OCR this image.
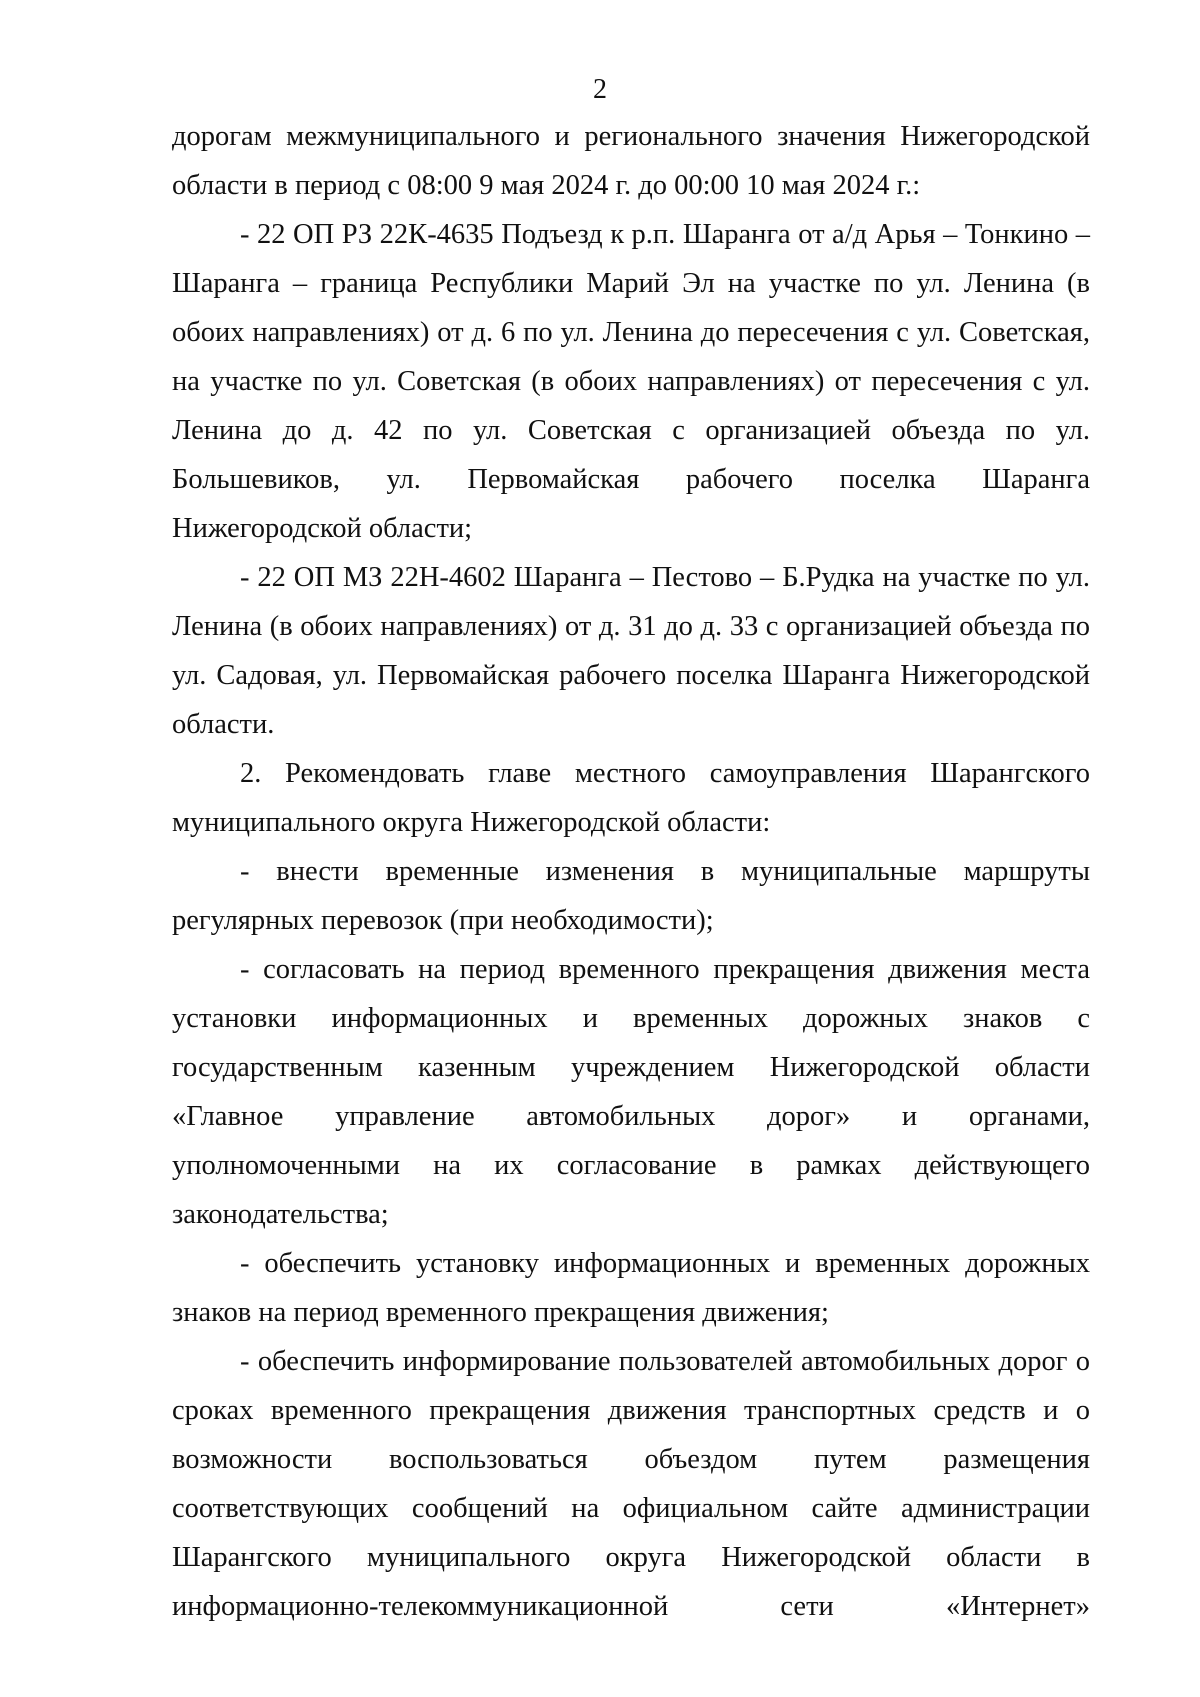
2

дорогам межмуниципального и регионального значения Нижегородской области в период с 08:00 9 мая 2024 г. до 00:00 10 мая 2024 г.:

- 22 ОП РЗ 22К-4635 Подъезд к р.п. Шаранга от а/д Арья – Тонкино – Шаранга – граница Республики Марий Эл на участке по ул. Ленина (в обоих направлениях) от д. 6 по ул. Ленина до пересечения с ул. Советская, на участке по ул. Советская (в обоих направлениях) от пересечения с ул. Ленина до д. 42 по ул. Советская с организацией объезда по ул. Большевиков, ул. Первомайская рабочего поселка Шаранга Нижегородской области;

- 22 ОП МЗ 22Н-4602 Шаранга – Пестово – Б.Рудка на участке по ул. Ленина (в обоих направлениях) от д. 31 до д. 33 с организацией объезда по ул. Садовая, ул. Первомайская рабочего поселка Шаранга Нижегородской области.

2. Рекомендовать главе местного самоуправления Шарангского муниципального округа Нижегородской области:

- внести временные изменения в муниципальные маршруты регулярных перевозок (при необходимости);

- согласовать на период временного прекращения движения места установки информационных и временных дорожных знаков с государственным казенным учреждением Нижегородской области «Главное управление автомобильных дорог» и органами, уполномоченными на их согласование в рамках действующего законодательства;

- обеспечить установку информационных и временных дорожных знаков на период временного прекращения движения;

- обеспечить информирование пользователей автомобильных дорог о сроках временного прекращения движения транспортных средств и о возможности воспользоваться объездом путем размещения соответствующих сообщений на официальном сайте администрации Шарангского муниципального округа Нижегородской области в информационно-телекоммуникационной сети «Интернет»
